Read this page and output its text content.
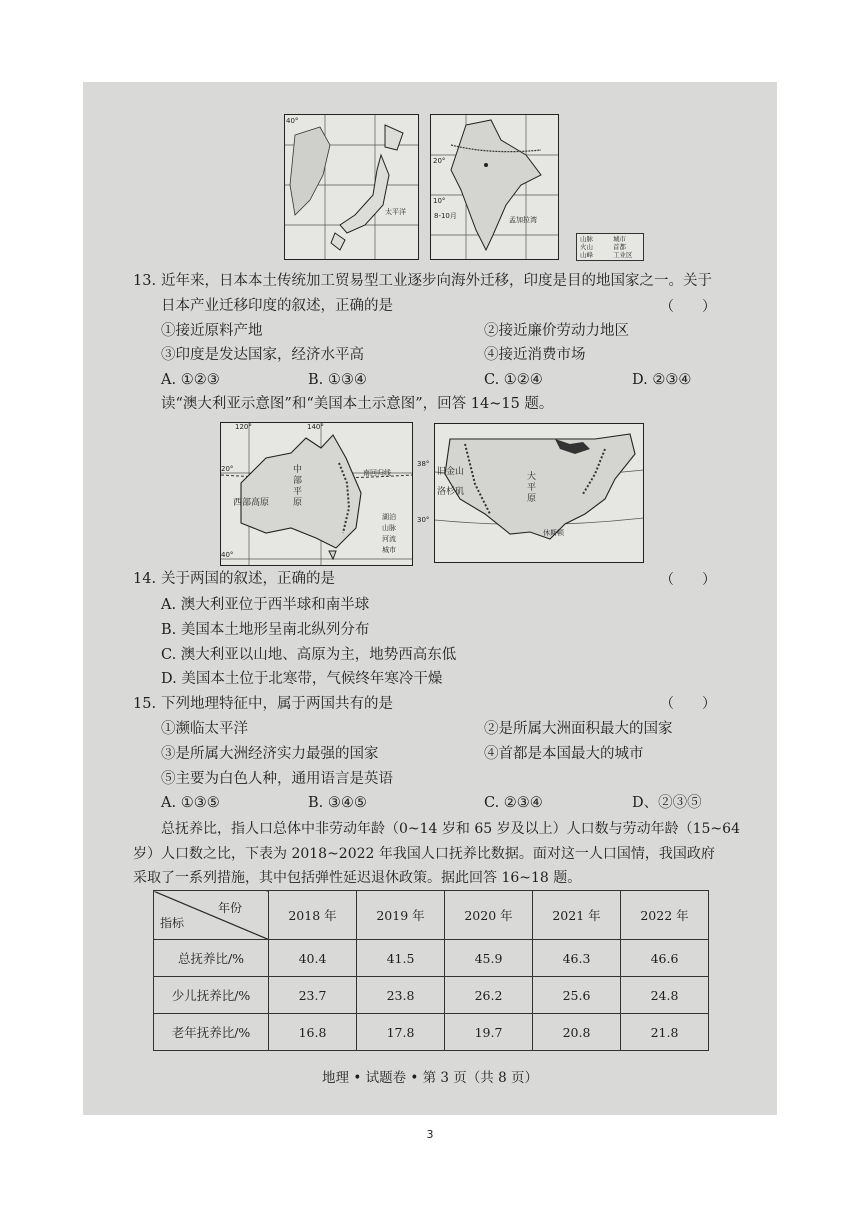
40°
太平洋
10°
20°
8-10月	孟加拉湾
山脉	城市
火山	首都
山峰	工业区
13. 近年来，日本本土传统加工贸易型工业逐步向海外迁移，印度是目的地国家之一。关于
日本产业迁移印度的叙述，正确的是	（　　）
①接近原料产地	②接近廉价劳动力地区
③印度是发达国家，经济水平高	④接近消费市场
A. ①②③	B. ①③④	C. ①②④	D. ②③④
读“澳大利亚示意图”和“美国本土示意图”，回答 14~15 题。
120°	140°
20°
40°
南回归线
中部平原
西部高原
湖泊
山脉
河流
城市
38°
30°
旧金山
洛杉矶
大平原
休斯顿
14. 关于两国的叙述，正确的是	（　　）
A. 澳大利亚位于西半球和南半球
B. 美国本土地形呈南北纵列分布
C. 澳大利亚以山地、高原为主，地势西高东低
D. 美国本土位于北寒带，气候终年寒冷干燥
15. 下列地理特征中，属于两国共有的是	（　　）
①濒临太平洋	②是所属大洲面积最大的国家
③是所属大洲经济实力最强的国家	④首都是本国最大的城市
⑤主要为白色人种，通用语言是英语
A. ①③⑤	B. ③④⑤	C. ②③④	D、②③⑤
总抚养比，指人口总体中非劳动年龄（0~14 岁和 65 岁及以上）人口数与劳动年龄（15~64
岁）人口数之比，下表为 2018~2022 年我国人口抚养比数据。面对这一人口国情，我国政府
采取了一系列措施，其中包括弹性延迟退休政策。据此回答 16~18 题。
年份
指标	2018 年	2019 年	2020 年	2021 年	2022 年
总抚养比/%	40.4	41.5	45.9	46.3	46.6
少儿抚养比/%	23.7	23.8	26.2	25.6	24.8
老年抚养比/%	16.8	17.8	19.7	20.8	21.8
地理 • 试题卷 • 第 3 页（共 8 页）
3
